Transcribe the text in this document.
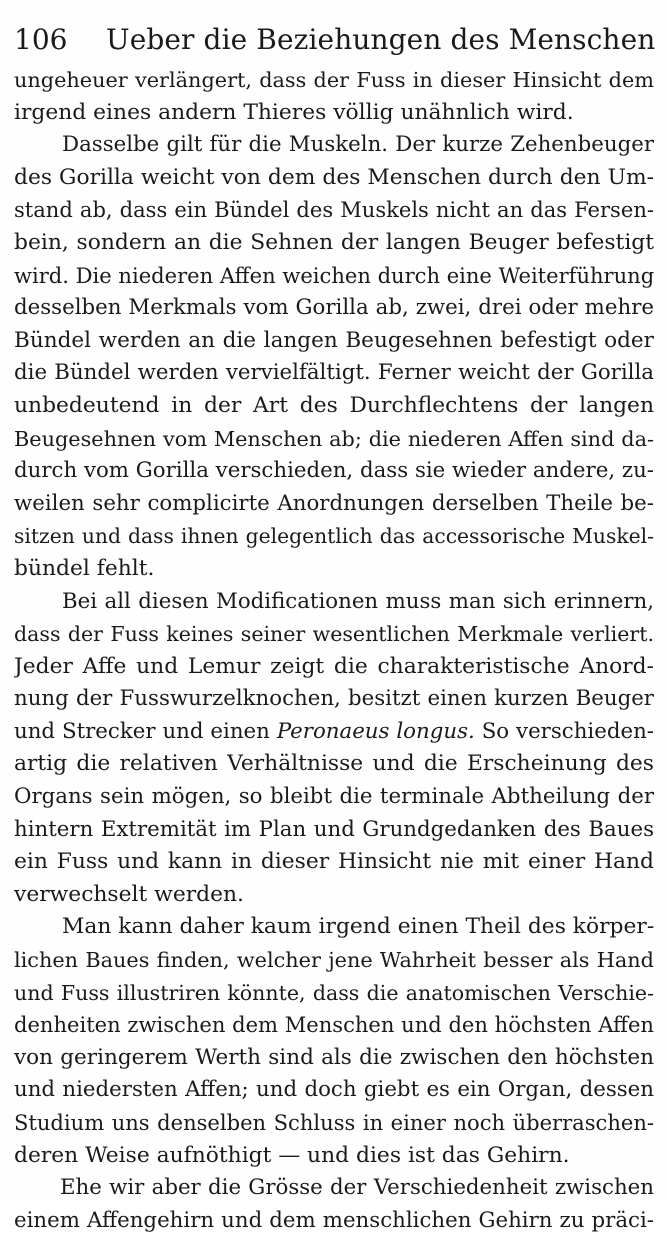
106 Ueber die Beziehungen des Menschen
ungeheuer verlängert, dass der Fuss in dieser Hinsicht dem
irgend eines andern Thieres völlig unähnlich wird.
Dasselbe gilt für die Muskeln. Der kurze Zehenbeuger
des Gorilla weicht von dem des Menschen durch den Um-
stand ab, dass ein Bündel des Muskels nicht an das Fersen-
bein, sondern an die Sehnen der langen Beuger befestigt
wird. Die niederen Affen weichen durch eine Weiterführung
desselben Merkmals vom Gorilla ab, zwei, drei oder mehre
Bündel werden an die langen Beugesehnen befestigt oder
die Bündel werden vervielfältigt. Ferner weicht der Gorilla
unbedeutend in der Art des Durchflechtens der langen
Beugesehnen vom Menschen ab; die niederen Affen sind da-
durch vom Gorilla verschieden, dass sie wieder andere, zu-
weilen sehr complicirte Anordnungen derselben Theile be-
sitzen und dass ihnen gelegentlich das accessorische Muskel-
bündel fehlt.
Bei all diesen Modificationen muss man sich erinnern,
dass der Fuss keines seiner wesentlichen Merkmale verliert.
Jeder Affe und Lemur zeigt die charakteristische Anord-
nung der Fusswurzelknochen, besitzt einen kurzen Beuger
und Strecker und einen Peronaeus longus. So verschieden-
artig die relativen Verhältnisse und die Erscheinung des
Organs sein mögen, so bleibt die terminale Abtheilung der
hintern Extremität im Plan und Grundgedanken des Baues
ein Fuss und kann in dieser Hinsicht nie mit einer Hand
verwechselt werden.
Man kann daher kaum irgend einen Theil des körper-
lichen Baues finden, welcher jene Wahrheit besser als Hand
und Fuss illustriren könnte, dass die anatomischen Verschie-
denheiten zwischen dem Menschen und den höchsten Affen
von geringerem Werth sind als die zwischen den höchsten
und niedersten Affen; und doch giebt es ein Organ, dessen
Studium uns denselben Schluss in einer noch überraschen-
deren Weise aufnöthigt — und dies ist das Gehirn.
Ehe wir aber die Grösse der Verschiedenheit zwischen
einem Affengehirn und dem menschlichen Gehirn zu präci-
